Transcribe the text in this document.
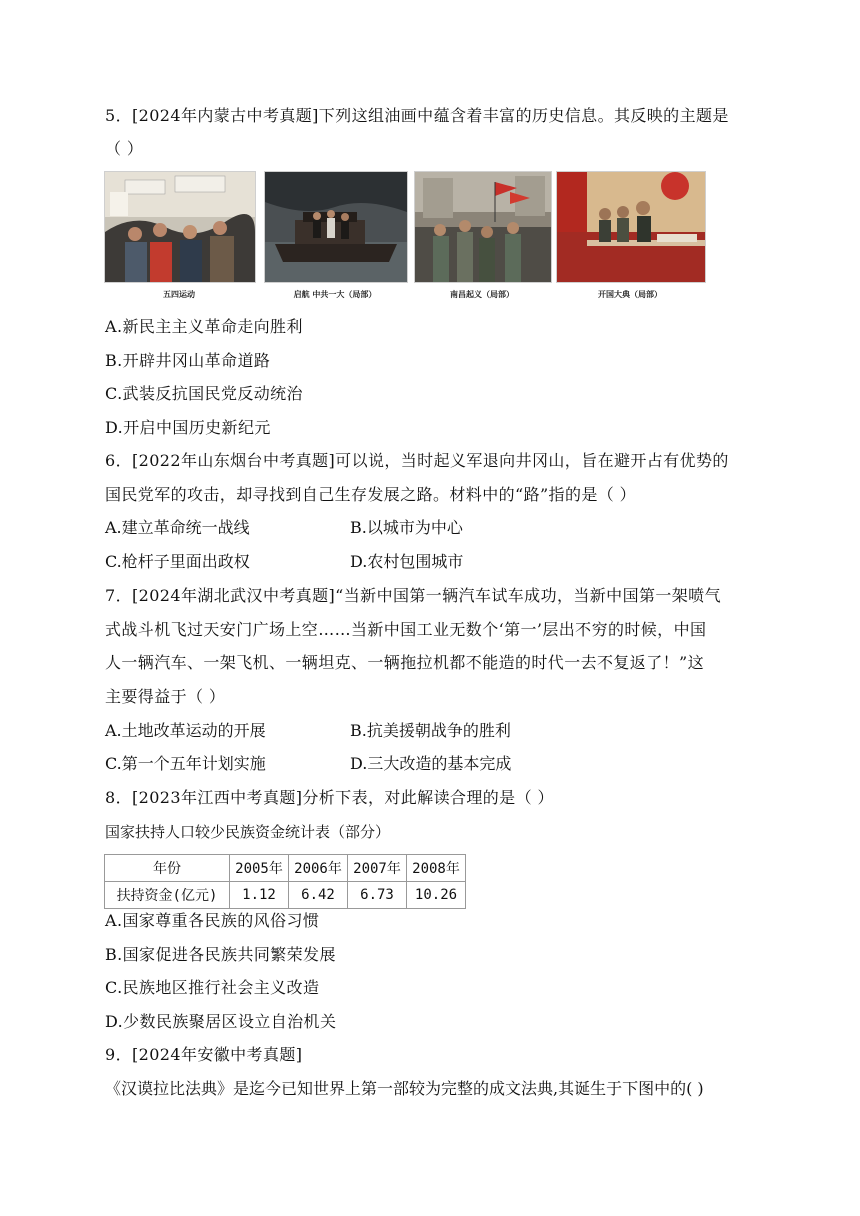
5．[2024年内蒙古中考真题]下列这组油画中蕴含着丰富的历史信息。其反映的主题是
（ ）
五四运动	启航 中共一大（局部）	南昌起义（局部）	开国大典（局部）
A.新民主主义革命走向胜利
B.开辟井冈山革命道路
C.武装反抗国民党反动统治
D.开启中国历史新纪元
6．[2022年山东烟台中考真题]可以说，当时起义军退向井冈山，旨在避开占有优势的
国民党军的攻击，却寻找到自己生存发展之路。材料中的“路”指的是（ ）
A.建立革命统一战线	B.以城市为中心
C.枪杆子里面出政权	D.农村包围城市
7．[2024年湖北武汉中考真题]“当新中国第一辆汽车试车成功，当新中国第一架喷气
式战斗机飞过天安门广场上空……当新中国工业无数个‘第一’层出不穷的时候，中国
人一辆汽车、一架飞机、一辆坦克、一辆拖拉机都不能造的时代一去不复返了！”这
主要得益于（ ）
A.土地改革运动的开展	B.抗美援朝战争的胜利
C.第一个五年计划实施	D.三大改造的基本完成
8．[2023年江西中考真题]分析下表，对此解读合理的是（ ）
国家扶持人口较少民族资金统计表（部分）
年份	2005年	2006年	2007年	2008年
扶持资金(亿元)	1.12	6.42	6.73	10.26
A.国家尊重各民族的风俗习惯
B.国家促进各民族共同繁荣发展
C.民族地区推行社会主义改造
D.少数民族聚居区设立自治机关
9．[2024年安徽中考真题]
《汉谟拉比法典》是迄今已知世界上第一部较为完整的成文法典,其诞生于下图中的( )
